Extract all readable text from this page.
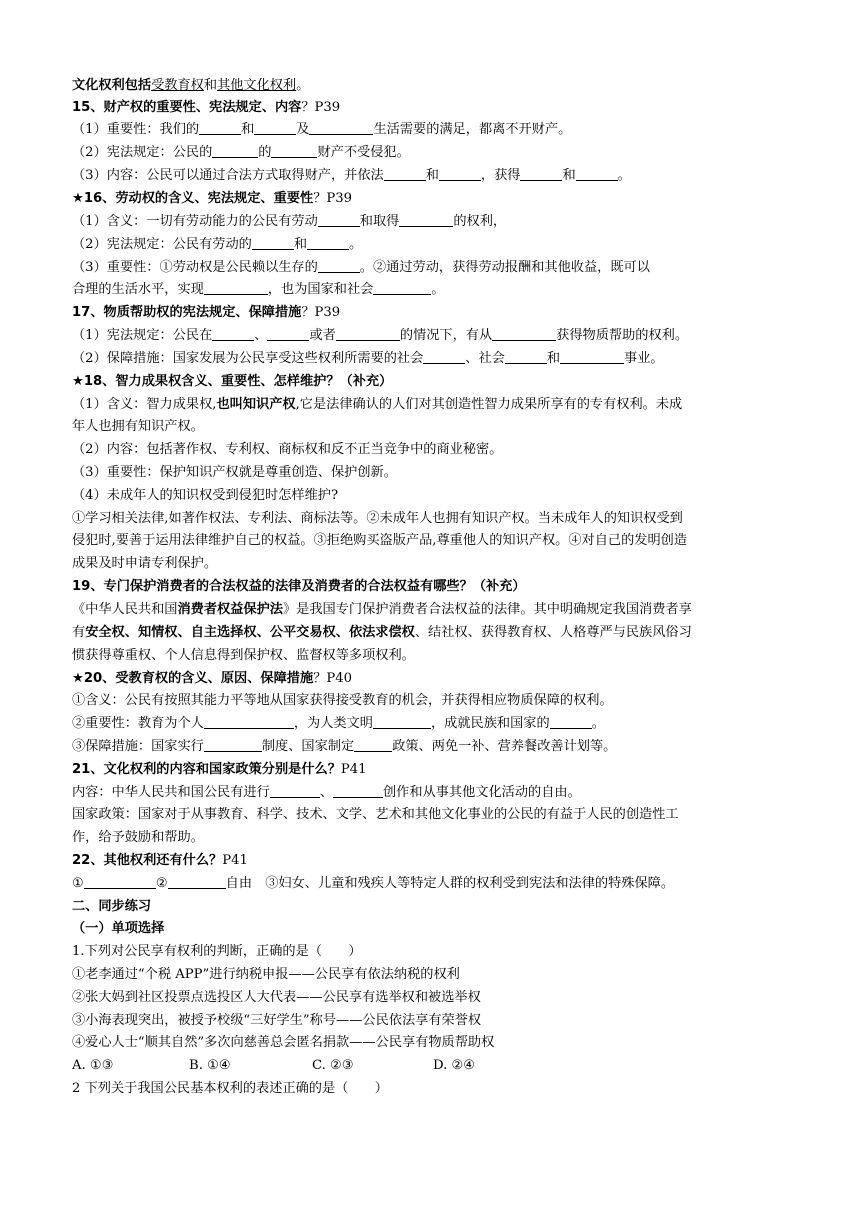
文化权利包括受教育权和其他文化权利。
15、财产权的重要性、宪法规定、内容？P39
（1）重要性：我们的	和	及	生活需要的满足，都离不开财产。
（2）宪法规定：公民的	的	财产不受侵犯。
（3）内容：公民可以通过合法方式取得财产，并依法	和	，获得	和	。
★16、劳动权的含义、宪法规定、重要性？P39
（1）含义：一切有劳动能力的公民有劳动	和取得	的权利，
（2）宪法规定：公民有劳动的	和	。
（3）重要性：①劳动权是公民赖以生存的	。②通过劳动，获得劳动报酬和其他收益，既可以
合理的生活水平，实现	，也为国家和社会	。
17、物质帮助权的宪法规定、保障措施？P39
（1）宪法规定：公民在	、	或者	的情况下，有从	获得物质帮助的权利。
（2）保障措施：国家发展为公民享受这些权利所需要的社会	、社会	和	事业。
★18、智力成果权含义、重要性、怎样维护？（补充）
（1）含义：智力成果权,也叫知识产权,它是法律确认的人们对其创造性智力成果所享有的专有权利。未成
年人也拥有知识产权。
（2）内容：包括著作权、专利权、商标权和反不正当竞争中的商业秘密。
（3）重要性：保护知识产权就是尊重创造、保护创新。
（4）未成年人的知识权受到侵犯时怎样维护?
①学习相关法律,如著作权法、专利法、商标法等。②未成年人也拥有知识产权。当未成年人的知识权受到
侵犯时,要善于运用法律维护自己的权益。③拒绝购买盗版产品,尊重他人的知识产权。④对自己的发明创造
成果及时申请专利保护。
19、专门保护消费者的合法权益的法律及消费者的合法权益有哪些？（补充）
《中华人民共和国消费者权益保护法》是我国专门保护消费者合法权益的法律。其中明确规定我国消费者享
有安全权、知情权、自主选择权、公平交易权、依法求偿权、结社权、获得教育权、人格尊严与民族风俗习
惯获得尊重权、个人信息得到保护权、监督权等多项权利。
★20、受教育权的含义、原因、保障措施？P40
①含义：公民有按照其能力平等地从国家获得接受教育的机会，并获得相应物质保障的权利。
②重要性：教育为个人	，为人类文明	，成就民族和国家的	。
③保障措施：国家实行	制度、国家制定	政策、两免一补、营养餐改善计划等。
21、文化权利的内容和国家政策分别是什么？P41
内容：中华人民共和国公民有进行	、	创作和从事其他文化活动的自由。
国家政策：国家对于从事教育、科学、技术、文学、艺术和其他文化事业的公民的有益于人民的创造性工
作，给予鼓励和帮助。
22、其他权利还有什么？P41
①	②	自由  ③妇女、儿童和残疾人等特定人群的权利受到宪法和法律的特殊保障。
二、同步练习
（一）单项选择
1.下列对公民享有权利的判断，正确的是（　　）
①老李通过“个税 APP”进行纳税申报——公民享有依法纳税的权利
②张大妈到社区投票点选投区人大代表——公民享有选举权和被选举权
③小海表现突出，被授予校级“三好学生”称号——公民依法享有荣誉权
④爱心人士“顺其自然”多次向慈善总会匿名捐款——公民享有物质帮助权
A. ①③	B. ①④	C. ②③	D. ②④
2 下列关于我国公民基本权利的表述正确的是（　　）
